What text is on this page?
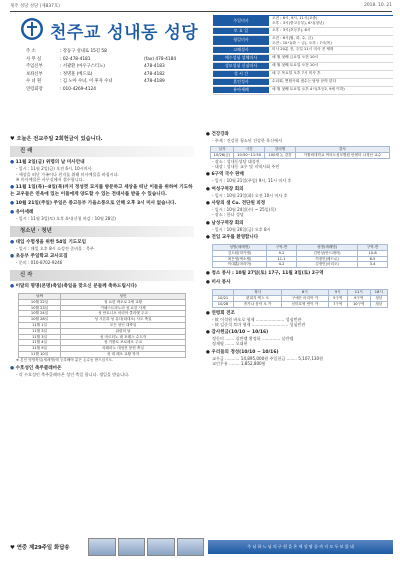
제주 성당 성당 (제837호)	2018. 10. 21
천주교 성내동 성당
주 소	: 강동구 성내로 15길 58
사 무 실	: 02-478-4181	(fax) 478-4184
주임신부	: 서광환 (마우구스티노)	478-4183
보좌신부	: 정명훈 (베드로)	478-4182
수 녀 원	: 김 노아 수녀, 이 후자 수녀	478-4189
연령회장	: 010-4269-4124
주일미사	오전 : 6시, 9시, 11시(교중)
오후 : 3시(중고등부), 6시(청년)
토 요 일	오후 : 3시(초등부), 6시
평일미사	오전 : 6시(월, 화, 수, 금)
오전 : 10시(화 ~ 금), 오후 : 7시(목)
고해성사	미사 20분 전, 주일 11시 미사 전 제외
예수성심 성체미사	매 월 첫째 금요일 오전 10시
성모성심 신심미사	매 월 첫째 토요일 오전 10시
성 시 간	매 주 목요일 오후 7시 미사 후
혼인성사	수녀회, 연합사회 접수는 담당 문의 한다
유아세례	매 월 첫째 토요일 오후 4시(초등2, 9세 이하)
♥ 오늘은 전교주일 2회헌금이 있습니다.
진 래
● 11월 2일(금) 위령의 날 미사안내
- 일시 : 11월 2일(금) 오전 6시, 10시미사
- 세상을 떠난 가족이나 친지를 위해 미사예물을 바칩시다.
※ 미사예물은 사무실에서 접수합니다.
● 11월 1일(목)~8일(목)까지 정성껏 묘지를 방문하고 세상을 떠난 이들을 위하여 기도하는 교우들은 연옥에 있는 이들에게 양도할 수 있는 전대사를 받을 수 있습니다.
● 10월 21일(주일) 주일은 중고등부 가을소풍으로 인해 오후 3시 미사 없습니다.
● 유아세례
- 일시 : 11월 3일(토) 오후 4시(신청 마감 : 10월 28일)
청소년 · 청년
● 대입 수험생을 위한 54일 기도모임
- 일시 : 매일 오후 8시 소성전 준비물 : 묵주
● 초등부 주일학교 교사모집
- 문의 : 010-8702-9246
신 자
● 이달의 명명(본명)축일(축일을 맞으신 분들께 축하드립시다)
날짜	성인
10월 22일	성 요한 바오로 2세 교황
10월 23일	카페스트라노의 성 요한 사제
10월 24일	성 안토니오 마리아 클라렛 주교
10월 28일	성 시몬과 성 유다(타대오) 사도 축일
11월 1일	모든 성인 대축일
11월 3일	위령의 날
11월 3일	성 마르티노 데 포레스 수도자
11월 4일	성 가롤로 보로메오 주교
11월 9일	라테라노 대성전 봉헌 축일
11월 10일	성 대 레오 교황 학자
※ 본인 영명축일(세례명)에 등록해야 분은 손수동 받으십시오.
● 수호성인 축주클레마온
- 각 수호성인 축주클레마온 성인 축일 합니다. 생일을 받습니다.
● 건강강좌
- 주제 : 건강한 청소년 건강한 육신에서
일자	시간	강의명	강사
10/26(금)	10:50~11:50	100세 논 강강	가톨릭대학교 여의도성모병원 안센터 나경선 교수
- 장소 : 성내동성당 대성전
- 대상 : 성내동 교우 및 지역사회 주민
● 6구역 국수 판매
- 일시 : 10월 21일(주일) 9시, 11시 미사 후
● 여성구역장 회의
- 일시 : 10월 23일(화) 오전 10시 미사 후
● 사랑의 샘 Cu. 전단원 피정
- 일시 : 10월 24일(수) ~ 25일(목)
- 장소 : 한나 성당
● 남성구역장 회의
- 일시 : 10월 26일(금) 오후 8시
● 전입 교우를 환영합니다
성명(세례명)	구역-반	성명(세례명)	구역-반
김도원(미카엘)	9-2	김헌성(안드레아)	10-8
최은영(엑소텔)	11-1	허정민(베드로)	6-5
이대훈(마리아)	4-2	김정민(마리오)	3-4
● 청소 봉사 : 10월 27일(토) 17구, 11월 3일(토) 2구역
● 미사 봉사
	복사	6시	9시	11시	18시
10/21	편희지 엑스 오	구애은 마리아 카	5구역	9구역	청년
10/28	종가나 음악 오 카	신미호영 연이 카	7구역	10구역	청년
● 연령회 전조
- 故 이석원 바오로 형제 ...................... 성심빈관
- 故 김준석 토마 형제 ............................ 성심빈관
● 감사헌금(10/10 ~ 10/16)
정동미 ....... 실반젤 황정하 .............. 실반젤
정재영 ....... 오대현
● 우리들의 정성(10/10 ~ 10/16)
교무금 ........... 14,895,000원 주일헌금 ........ 5,107,130원
교인우유 ........ 1,852,800원
♥ 연중 제29주일 화답송	주 님 하 느 님 의 구 원 을 온 세 상 땅 끝 까 지 모 두 보 았 네
